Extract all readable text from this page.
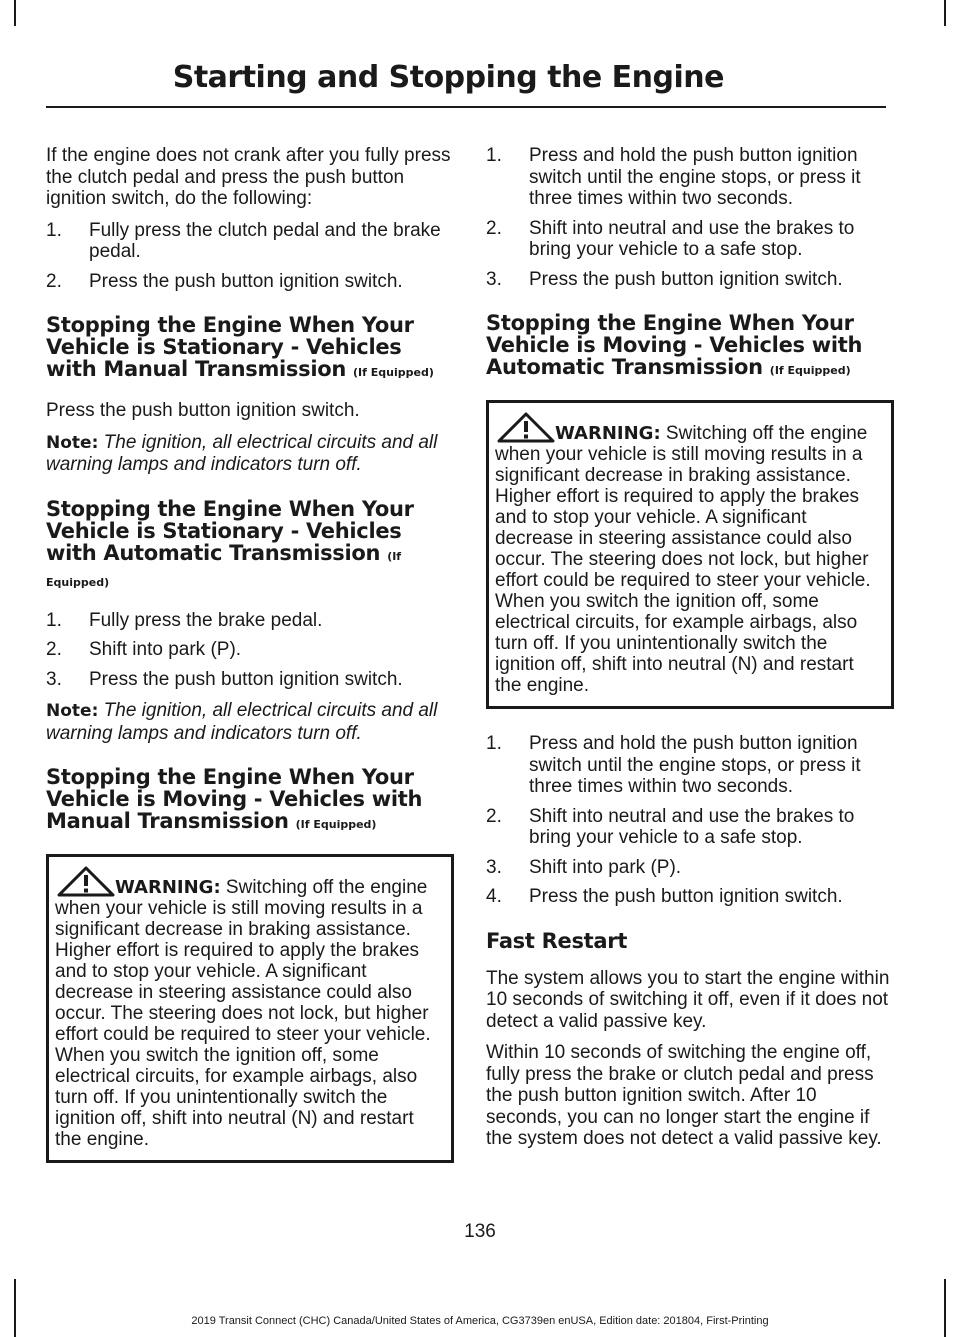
Starting and Stopping the Engine

If the engine does not crank after you fully press the clutch pedal and press the push button ignition switch, do the following:

1. Fully press the clutch pedal and the brake pedal.
2. Press the push button ignition switch.
Stopping the Engine When Your Vehicle is Stationary - Vehicles with Manual Transmission (If Equipped)

Press the push button ignition switch.

Note: The ignition, all electrical circuits and all warning lamps and indicators turn off.

Stopping the Engine When Your Vehicle is Stationary - Vehicles with Automatic Transmission (If Equipped)
1. Fully press the brake pedal.
2. Shift into park (P).
3. Press the push button ignition switch.

Note: The ignition, all electrical circuits and all warning lamps and indicators turn off.

Stopping the Engine When Your Vehicle is Moving - Vehicles with Manual Transmission (If Equipped)
WARNING: Switching off the engine when your vehicle is still moving results in a significant decrease in braking assistance. Higher effort is required to apply the brakes and to stop your vehicle. A significant decrease in steering assistance could also occur. The steering does not lock, but higher effort could be required to steer your vehicle. When you switch the ignition off, some electrical circuits, for example airbags, also turn off. If you unintentionally switch the ignition off, shift into neutral (N) and restart the engine.
1. Press and hold the push button ignition switch until the engine stops, or press it three times within two seconds.
2. Shift into neutral and use the brakes to bring your vehicle to a safe stop.
3. Press the push button ignition switch.
Stopping the Engine When Your Vehicle is Moving - Vehicles with Automatic Transmission (If Equipped)
WARNING: Switching off the engine when your vehicle is still moving results in a significant decrease in braking assistance. Higher effort is required to apply the brakes and to stop your vehicle. A significant decrease in steering assistance could also occur. The steering does not lock, but higher effort could be required to steer your vehicle. When you switch the ignition off, some electrical circuits, for example airbags, also turn off. If you unintentionally switch the ignition off, shift into neutral (N) and restart the engine.
1. Press and hold the push button ignition switch until the engine stops, or press it three times within two seconds.
2. Shift into neutral and use the brakes to bring your vehicle to a safe stop.
3. Shift into park (P).
4. Press the push button ignition switch.
Fast Restart

The system allows you to start the engine within 10 seconds of switching it off, even if it does not detect a valid passive key.

Within 10 seconds of switching the engine off, fully press the brake or clutch pedal and press the push button ignition switch. After 10 seconds, you can no longer start the engine if the system does not detect a valid passive key.

136
2019 Transit Connect (CHC) Canada/United States of America, CG3739en enUSA, Edition date: 201804, First-Printing
